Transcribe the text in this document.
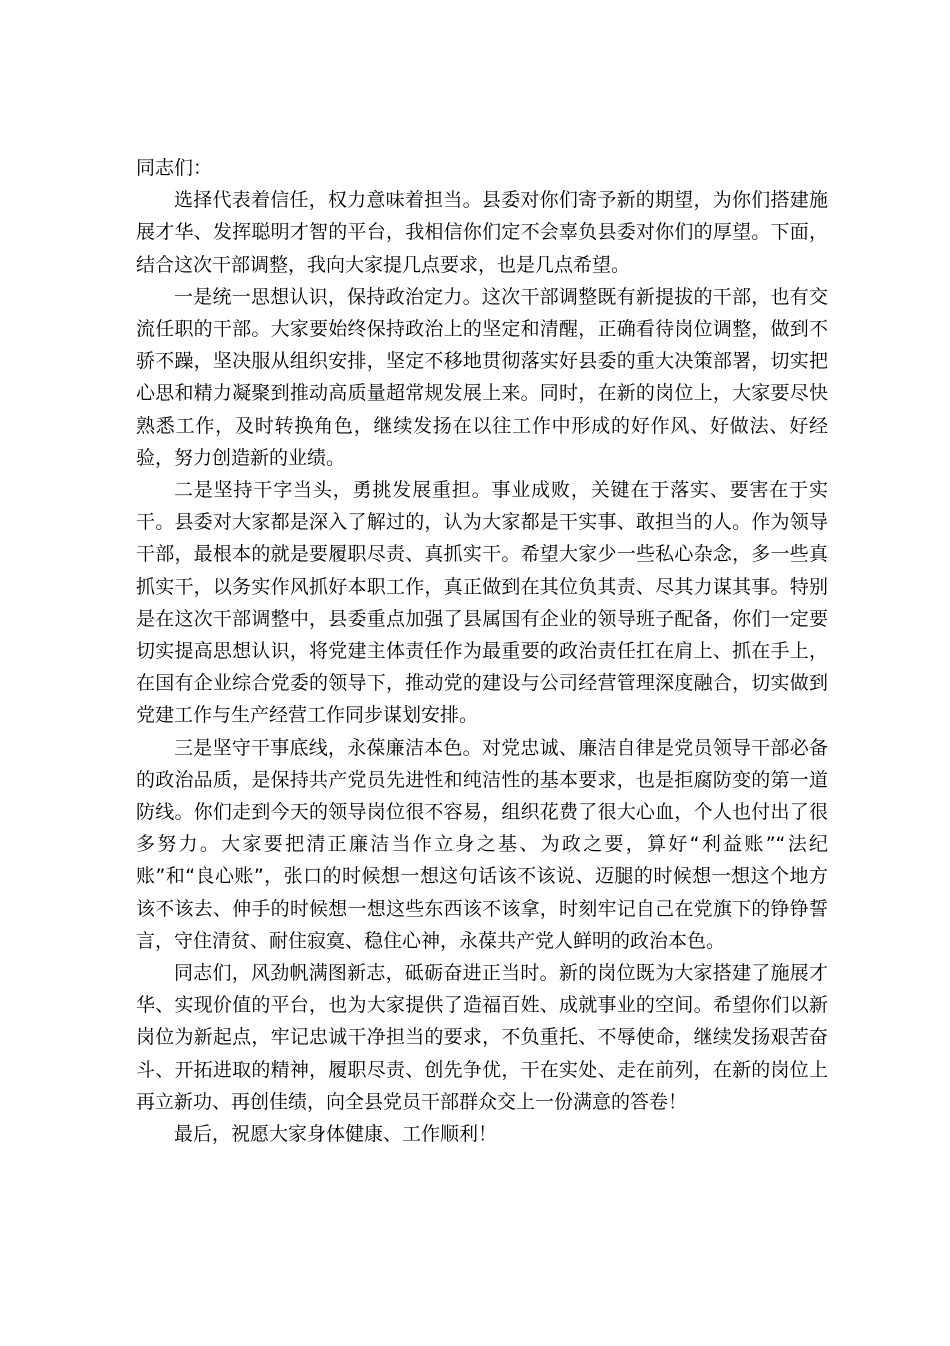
同志们：

选择代表着信任，权力意味着担当。县委对你们寄予新的期望，为你们搭建施展才华、发挥聪明才智的平台，我相信你们定不会辜负县委对你们的厚望。下面，结合这次干部调整，我向大家提几点要求，也是几点希望。

一是统一思想认识，保持政治定力。这次干部调整既有新提拔的干部，也有交流任职的干部。大家要始终保持政治上的坚定和清醒，正确看待岗位调整，做到不骄不躁，坚决服从组织安排，坚定不移地贯彻落实好县委的重大决策部署，切实把心思和精力凝聚到推动高质量超常规发展上来。同时，在新的岗位上，大家要尽快熟悉工作，及时转换角色，继续发扬在以往工作中形成的好作风、好做法、好经验，努力创造新的业绩。

二是坚持干字当头，勇挑发展重担。事业成败，关键在于落实、要害在于实干。县委对大家都是深入了解过的，认为大家都是干实事、敢担当的人。作为领导干部，最根本的就是要履职尽责、真抓实干。希望大家少一些私心杂念，多一些真抓实干，以务实作风抓好本职工作，真正做到在其位负其责、尽其力谋其事。特别是在这次干部调整中，县委重点加强了县属国有企业的领导班子配备，你们一定要切实提高思想认识，将党建主体责任作为最重要的政治责任扛在肩上、抓在手上，在国有企业综合党委的领导下，推动党的建设与公司经营管理深度融合，切实做到党建工作与生产经营工作同步谋划安排。

三是坚守干事底线，永葆廉洁本色。对党忠诚、廉洁自律是党员领导干部必备的政治品质，是保持共产党员先进性和纯洁性的基本要求，也是拒腐防变的第一道防线。你们走到今天的领导岗位很不容易，组织花费了很大心血，个人也付出了很多努力。大家要把清正廉洁当作立身之基、为政之要，算好“利益账”“法纪账”和“良心账”，张口的时候想一想这句话该不该说、迈腿的时候想一想这个地方该不该去、伸手的时候想一想这些东西该不该拿，时刻牢记自己在党旗下的铮铮誓言，守住清贫、耐住寂寞、稳住心神，永葆共产党人鲜明的政治本色。

同志们，风劲帆满图新志，砥砺奋进正当时。新的岗位既为大家搭建了施展才华、实现价值的平台，也为大家提供了造福百姓、成就事业的空间。希望你们以新岗位为新起点，牢记忠诚干净担当的要求，不负重托、不辱使命，继续发扬艰苦奋斗、开拓进取的精神，履职尽责、创先争优，干在实处、走在前列，在新的岗位上再立新功、再创佳绩，向全县党员干部群众交上一份满意的答卷！

最后，祝愿大家身体健康、工作顺利！
